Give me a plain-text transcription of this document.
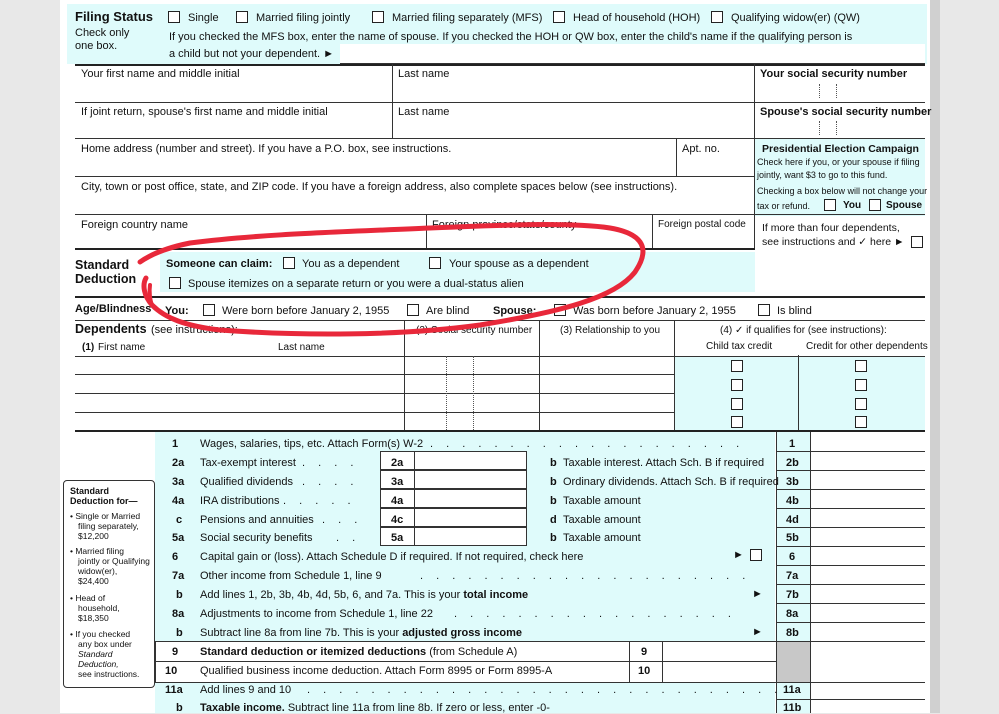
Filing Status
Check only
one box.
Single	Married filing jointly	Married filing separately (MFS)	Head of household (HOH)	Qualifying widow(er) (QW)
If you checked the MFS box, enter the name of spouse. If you checked the HOH or QW box, enter the child's name if the qualifying person is
a child but not your dependent. ►
Your first name and middle initial	Last name	Your social security number
If joint return, spouse's first name and middle initial	Last name	Spouse's social security number
Home address (number and street). If you have a P.O. box, see instructions.	Apt. no.	Presidential Election Campaign
Check here if you, or your spouse if filing
jointly, want $3 to go to this fund.
Checking a box below will not change your
tax or refund.	You Spouse
City, town or post office, state, and ZIP code. If you have a foreign address, also complete spaces below (see instructions).
Foreign country name	Foreign province/state/county	Foreign postal code If more than four dependents,
see instructions and ✓ here ►
Standard
Deduction
Someone can claim:	You as a dependent	Your spouse as a dependent
Spouse itemizes on a separate return or you were a dual-status alien
Age/Blindness You:	Were born before January 2, 1955	Are blind Spouse:	Was born before January 2, 1955	Is blind
Dependents (see instructions):
(1) First name	Last name
(2) Social security number	(3) Relationship to you	(4) ✓ if qualifies for (see instructions):
Child tax credit	Credit for other dependents
Standard
Deduction for—
• Single or Married
filing separately,
$12,200
• Married filing
jointly or Qualifying
widow(er),
$24,400
• Head of
household,
$18,350
• If you checked
any box under
Standard
Deduction,
see instructions.
1 Wages, salaries, tips, etc. Attach Form(s) W-2 . . . . . . . . . . . . . . . . . . . .	1
2a Tax-exempt interest . . . .	2a	b Taxable interest. Attach Sch. B if required 2b
3a Qualified dividends . . . .	3a	b Ordinary dividends. Attach Sch. B if required 3b
4a IRA distributions . . . . .	4a	b Taxable amount	4b
c Pensions and annuities . . .	4c	d Taxable amount	4d
5a Social security benefits . .	5a	b Taxable amount	5b
6 Capital gain or (loss). Attach Schedule D if required. If not required, check here	►	6
7a Other income from Schedule 1, line 9	. . . . . . . . . . . . . . . . . . . . .	7a
b Add lines 1, 2b, 3b, 4b, 4d, 5b, 6, and 7a. This is your total income	► 7b
8a Adjustments to income from Schedule 1, line 22 . . . . . . . . . . . . . . . . . .	8a
b Subtract line 8a from line 7b. This is your adjusted gross income	► 8b
9 Standard deduction or itemized deductions (from Schedule A)	9
10 Qualified business income deduction. Attach Form 8995 or Form 8995-A	10
11a Add lines 9 and 10 . . . . . . . . . . . . . . . . . . . . . . . . . . . . . . 11a
b Taxable income. Subtract line 11a from line 8b. If zero or less, enter -0-	11b
